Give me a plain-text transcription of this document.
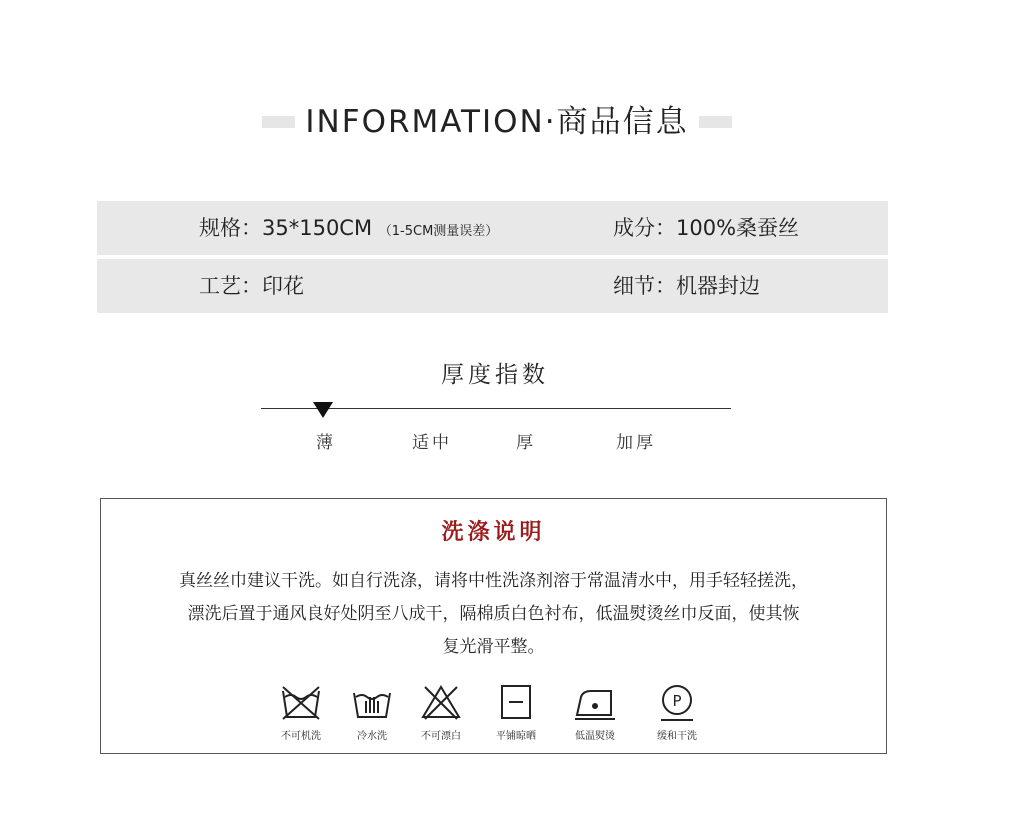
INFORMATION·商品信息
规格：35*150CM （1-5CM测量误差）	成分：100%桑蚕丝
工艺：印花	细节：机器封边
厚度指数
薄	适中	厚	加厚
洗涤说明
真丝丝巾建议干洗。如自行洗涤，请将中性洗涤剂溶于常温清水中，用手轻轻搓洗，
漂洗后置于通风良好处阴至八成干，隔棉质白色衬布，低温熨烫丝巾反面，使其恢
复光滑平整。
不可机洗	冷水洗	不可漂白	平铺晾晒	低温熨烫
P
缓和干洗
